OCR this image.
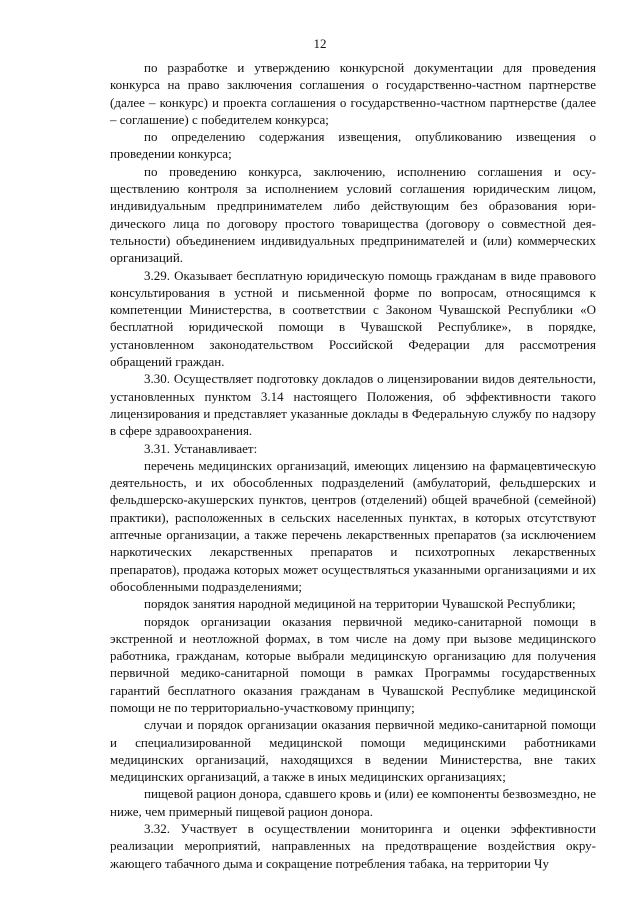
12

по разработке и утверждению конкурсной документации для проведения конкурса на право заключения соглашения о государственно-частном партнерстве (далее – конкурс) и проекта соглашения о государственно-частном партнерстве (далее – соглашение) с победителем конкурса;

по определению содержания извещения, опубликованию извещения о проведении конкурса;

по проведению конкурса, заключению, исполнению соглашения и осуществлению контроля за исполнением условий соглашения юридическим лицом, индивидуальным предпринимателем либо действующим без образования юридического лица по договору простого товарищества (договору о совместной деятельности) объединением индивидуальных предпринимателей и (или) коммерческих организаций.

3.29. Оказывает бесплатную юридическую помощь гражданам в виде правового консультирования в устной и письменной форме по вопросам, относящимся к компетенции Министерства, в соответствии с Законом Чувашской Республики «О бесплатной юридической помощи в Чувашской Республике», в порядке, установленном законодательством Российской Федерации для рассмотрения обращений граждан.

3.30. Осуществляет подготовку докладов о лицензировании видов деятельности, установленных пунктом 3.14 настоящего Положения, об эффективности такого лицензирования и представляет указанные доклады в Федеральную службу по надзору в сфере здравоохранения.

3.31. Устанавливает:

перечень медицинских организаций, имеющих лицензию на фармацевтическую деятельность, и их обособленных подразделений (амбулаторий, фельдшерских и фельдшерско-акушерских пунктов, центров (отделений) общей врачебной (семейной) практики), расположенных в сельских населенных пунктах, в которых отсутствуют аптечные организации, а также перечень лекарственных препаратов (за исключением наркотических лекарственных препаратов и психотропных лекарственных препаратов), продажа которых может осуществляться указанными организациями и их обособленными подразделениями;

порядок занятия народной медициной на территории Чувашской Республики;

порядок организации оказания первичной медико-санитарной помощи в экстренной и неотложной формах, в том числе на дому при вызове медицинского работника, гражданам, которые выбрали медицинскую организацию для получения первичной медико-санитарной помощи в рамках Программы государственных гарантий бесплатного оказания гражданам в Чувашской Республике медицинской помощи не по территориально-участковому принципу;

случаи и порядок организации оказания первичной медико-санитарной помощи и специализированной медицинской помощи медицинскими работниками медицинских организаций, находящихся в ведении Министерства, вне таких медицинских организаций, а также в иных медицинских организациях;

пищевой рацион донора, сдавшего кровь и (или) ее компоненты безвозмездно, не ниже, чем примерный пищевой рацион донора.

3.32. Участвует в осуществлении мониторинга и оценки эффективности реализации мероприятий, направленных на предотвращение воздействия окружающего табачного дыма и сокращение потребления табака, на территории Чу
